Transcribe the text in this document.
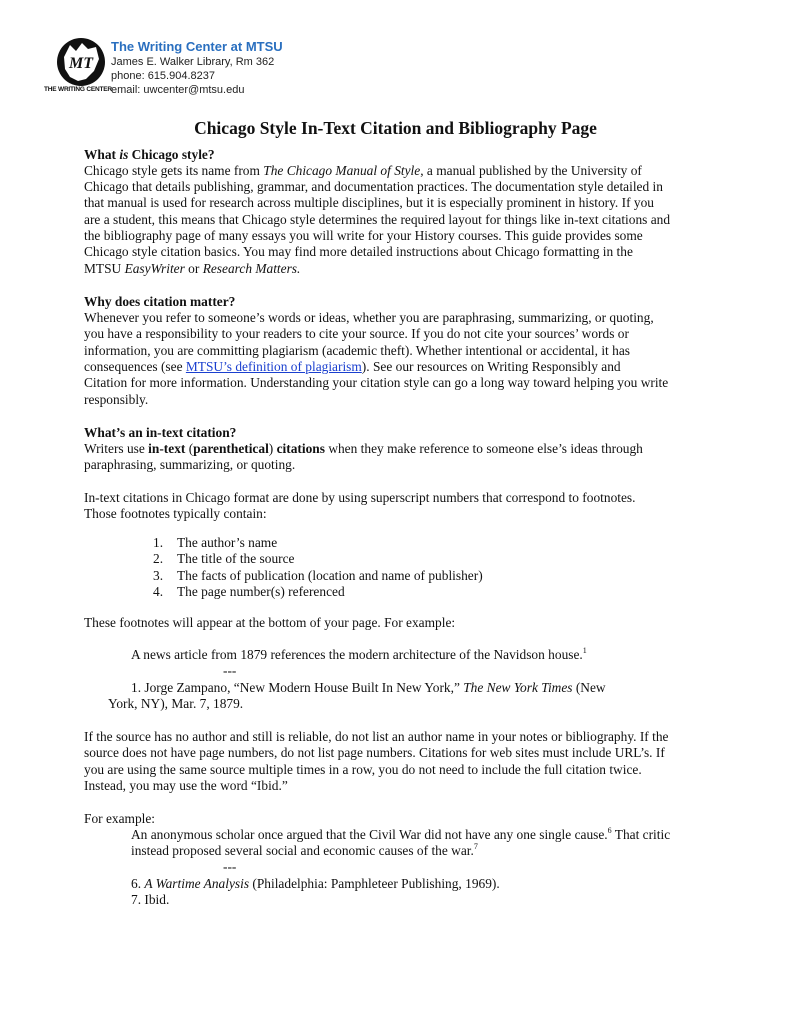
MT
THE WRITING CENTER
The Writing Center at MTSU
James E. Walker Library, Rm 362
phone: 615.904.8237
email: uwcenter@mtsu.edu
Chicago Style In-Text Citation and Bibliography Page
What is Chicago style?
Chicago style gets its name from The Chicago Manual of Style, a manual published by the University of
Chicago that details publishing, grammar, and documentation practices. The documentation style detailed in
that manual is used for research across multiple disciplines, but it is especially prominent in history. If you
are a student, this means that Chicago style determines the required layout for things like in-text citations and
the bibliography page of many essays you will write for your History courses. This guide provides some
Chicago style citation basics. You may find more detailed instructions about Chicago formatting in the
MTSU EasyWriter or Research Matters.
Why does citation matter?
Whenever you refer to someone’s words or ideas, whether you are paraphrasing, summarizing, or quoting,
you have a responsibility to your readers to cite your source. If you do not cite your sources’ words or
information, you are committing plagiarism (academic theft). Whether intentional or accidental, it has
consequences (see MTSU’s definition of plagiarism). See our resources on Writing Responsibly and
Citation for more information. Understanding your citation style can go a long way toward helping you write
responsibly.
What’s an in-text citation?
Writers use in-text (parenthetical) citations when they make reference to someone else’s ideas through
paraphrasing, summarizing, or quoting.
In-text citations in Chicago format are done by using superscript numbers that correspond to footnotes.
Those footnotes typically contain:
1. The author’s name
2. The title of the source
3. The facts of publication (location and name of publisher)
4. The page number(s) referenced
These footnotes will appear at the bottom of your page. For example:
A news article from 1879 references the modern architecture of the Navidson house.$^1$
---
1. Jorge Zampano, “New Modern House Built In New York,” The New York Times (New
York, NY), Mar. 7, 1879.
If the source has no author and still is reliable, do not list an author name in your notes or bibliography. If the
source does not have page numbers, do not list page numbers. Citations for web sites must include URL’s. If
you are using the same source multiple times in a row, you do not need to include the full citation twice.
Instead, you may use the word “Ibid.”
For example:
An anonymous scholar once argued that the Civil War did not have any one single cause.$^6$ That critic
instead proposed several social and economic causes of the war.$^7$
---
6. A Wartime Analysis (Philadelphia: Pamphleteer Publishing, 1969).
7. Ibid.
